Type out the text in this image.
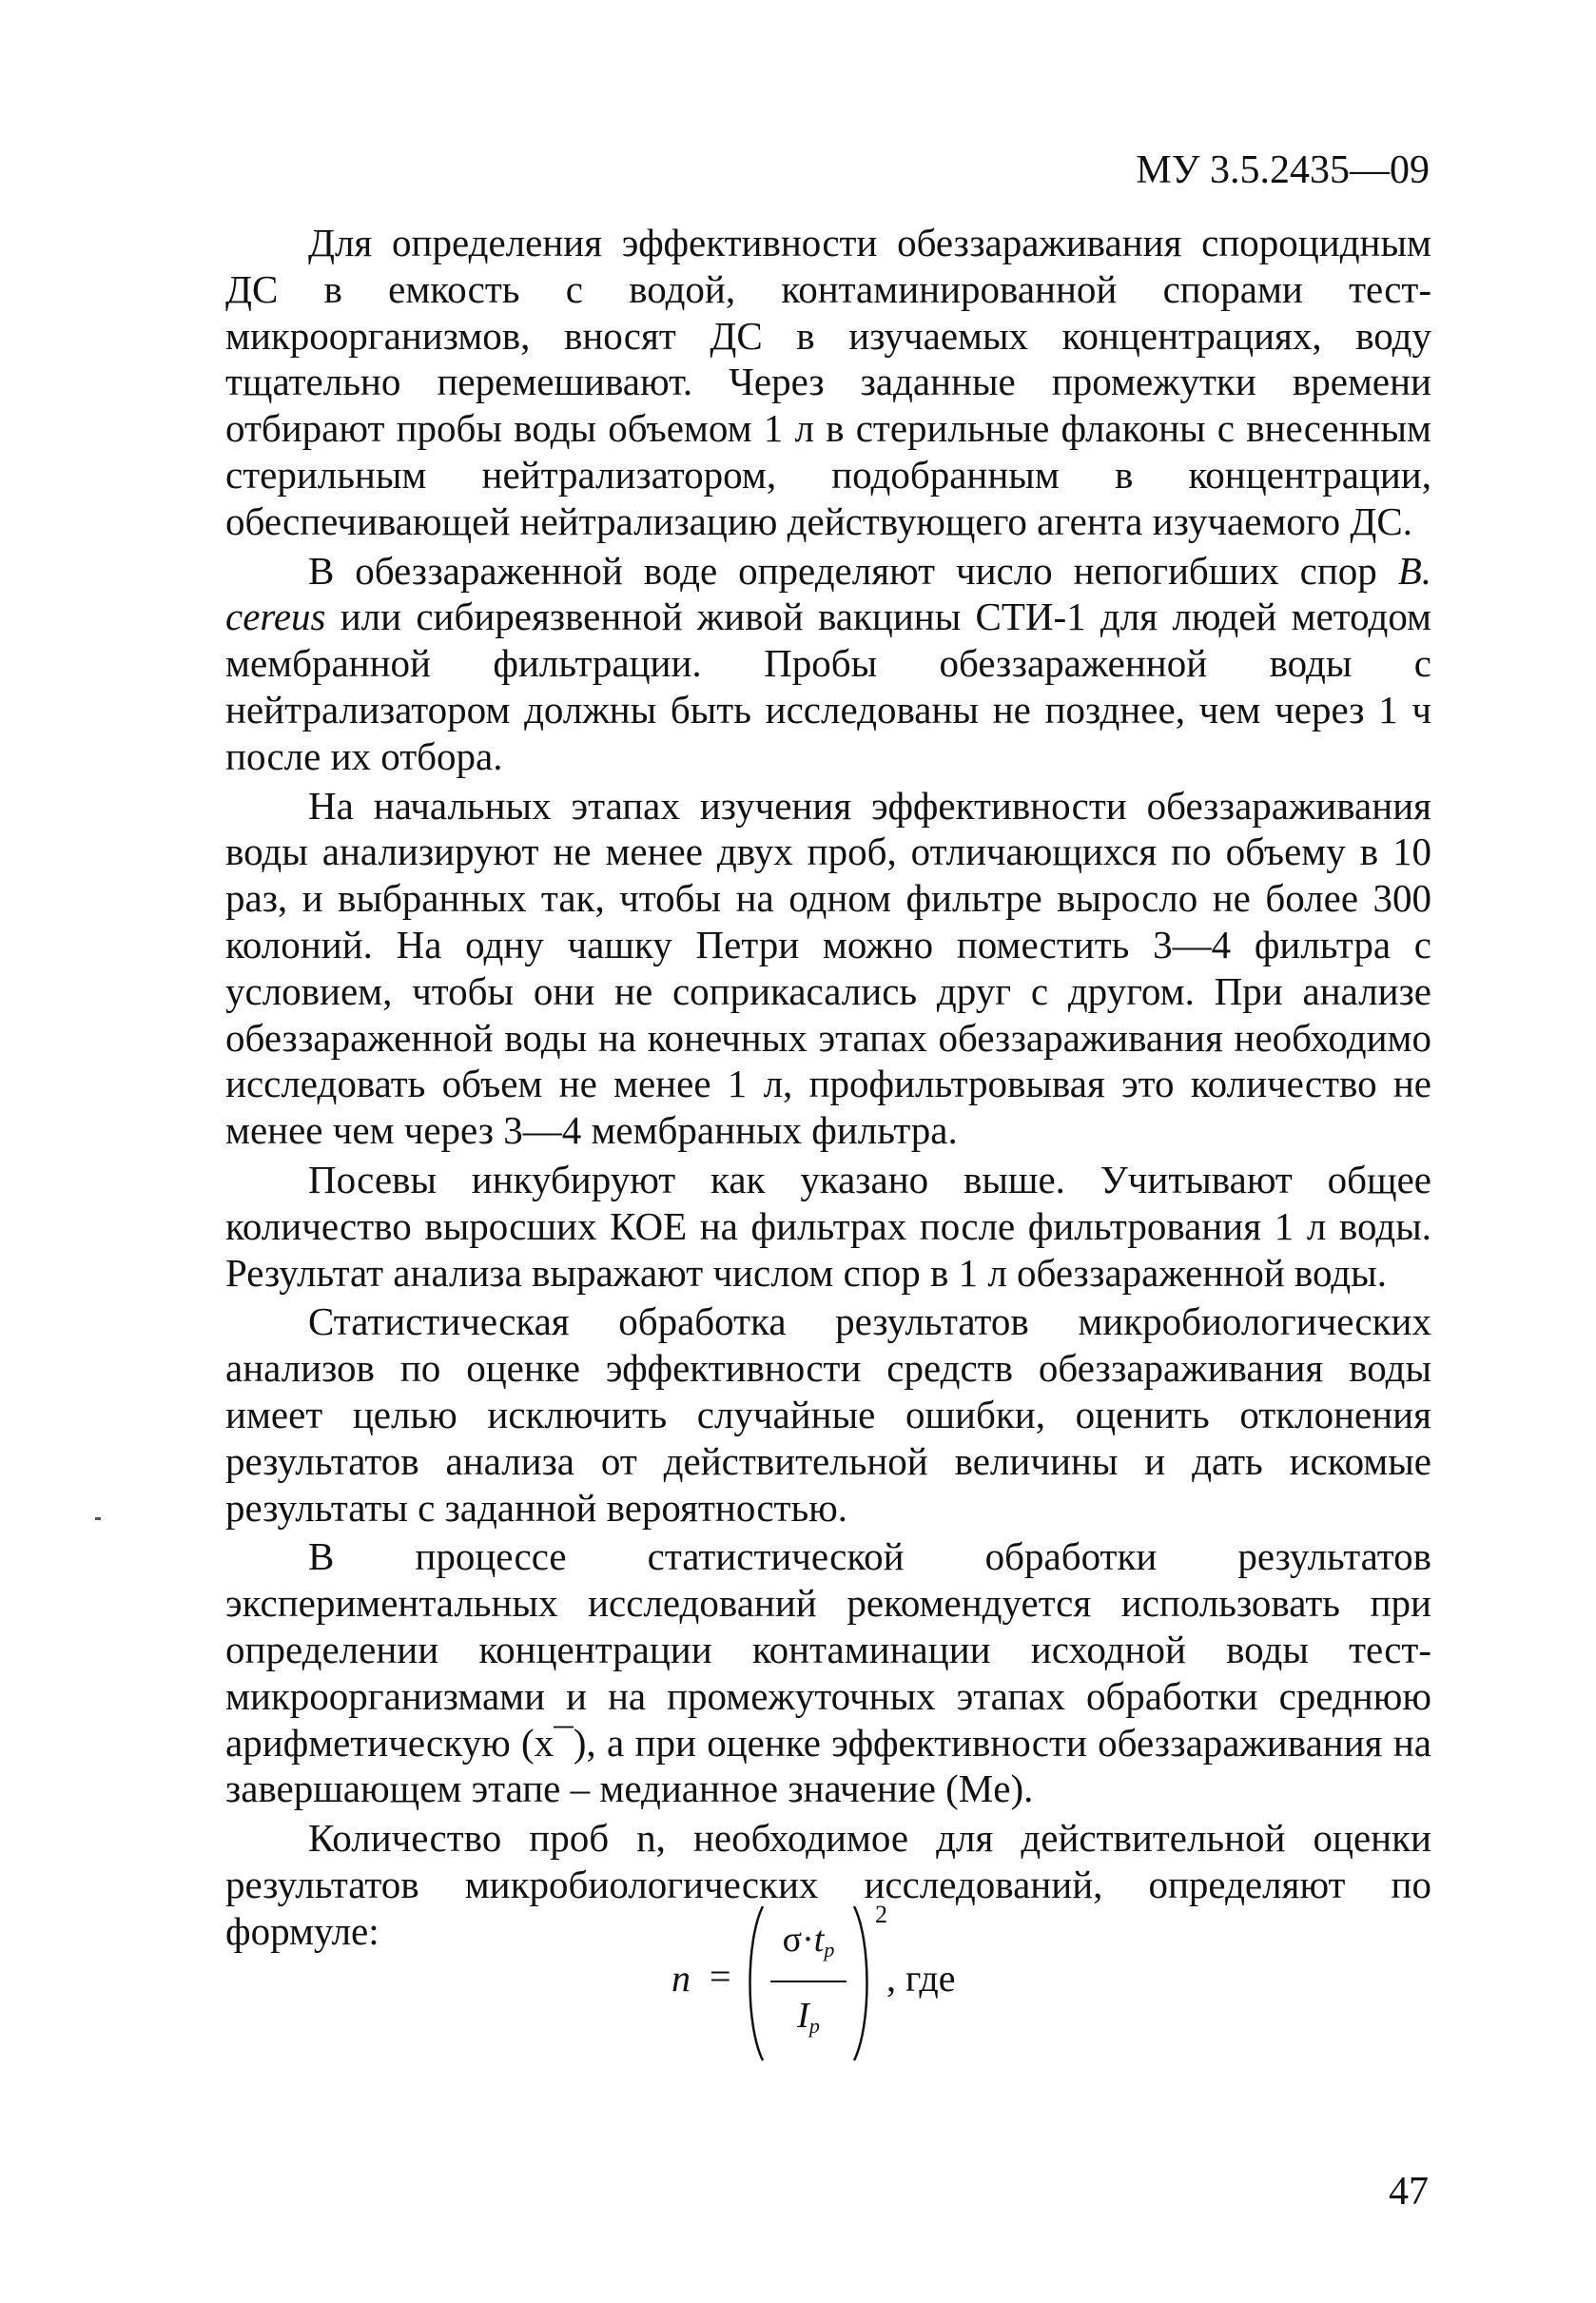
МУ 3.5.2435—09

Для определения эффективности обеззараживания спороцидным ДС в емкость с водой, контаминированной спорами тест-микроорганизмов, вносят ДС в изучаемых концентрациях, воду тщательно перемешивают. Через заданные промежутки времени отбирают пробы воды объемом 1 л в стерильные флаконы с внесенным стерильным нейтрализатором, подобранным в концентрации, обеспечивающей нейтрализацию действующего агента изучаемого ДС.

В обеззараженной воде определяют число непогибших спор B. cereus или сибиреязвенной живой вакцины СТИ-1 для людей методом мембранной фильтрации. Пробы обеззараженной воды с нейтрализатором должны быть исследованы не позднее, чем через 1 ч после их отбора.

На начальных этапах изучения эффективности обеззараживания воды анализируют не менее двух проб, отличающихся по объему в 10 раз, и выбранных так, чтобы на одном фильтре выросло не более 300 колоний. На одну чашку Петри можно поместить 3—4 фильтра с условием, чтобы они не соприкасались друг с другом. При анализе обеззараженной воды на конечных этапах обеззараживания необходимо исследовать объем не менее 1 л, профильтровывая это количество не менее чем через 3—4 мембранных фильтра.

Посевы инкубируют как указано выше. Учитывают общее количество выросших КОЕ на фильтрах после фильтрования 1 л воды. Результат анализа выражают числом спор в 1 л обеззараженной воды.

Статистическая обработка результатов микробиологических анализов по оценке эффективности средств обеззараживания воды имеет целью исключить случайные ошибки, оценить отклонения результатов анализа от действительной величины и дать искомые результаты с заданной вероятностью.

В процессе статистической обработки результатов экспериментальных исследований рекомендуется использовать при определении концентрации контаминации исходной воды тест-микроорганизмами и на промежуточных этапах обработки среднюю арифметическую (x¯), а при оценке эффективности обеззараживания на завершающем этапе – медианное значение (Me).

Количество проб n, необходимое для действительной оценки результатов микробиологических исследований, определяют по формуле:

n =
$\sigma\cdot t_p$
$I_p$
2
, где
47
